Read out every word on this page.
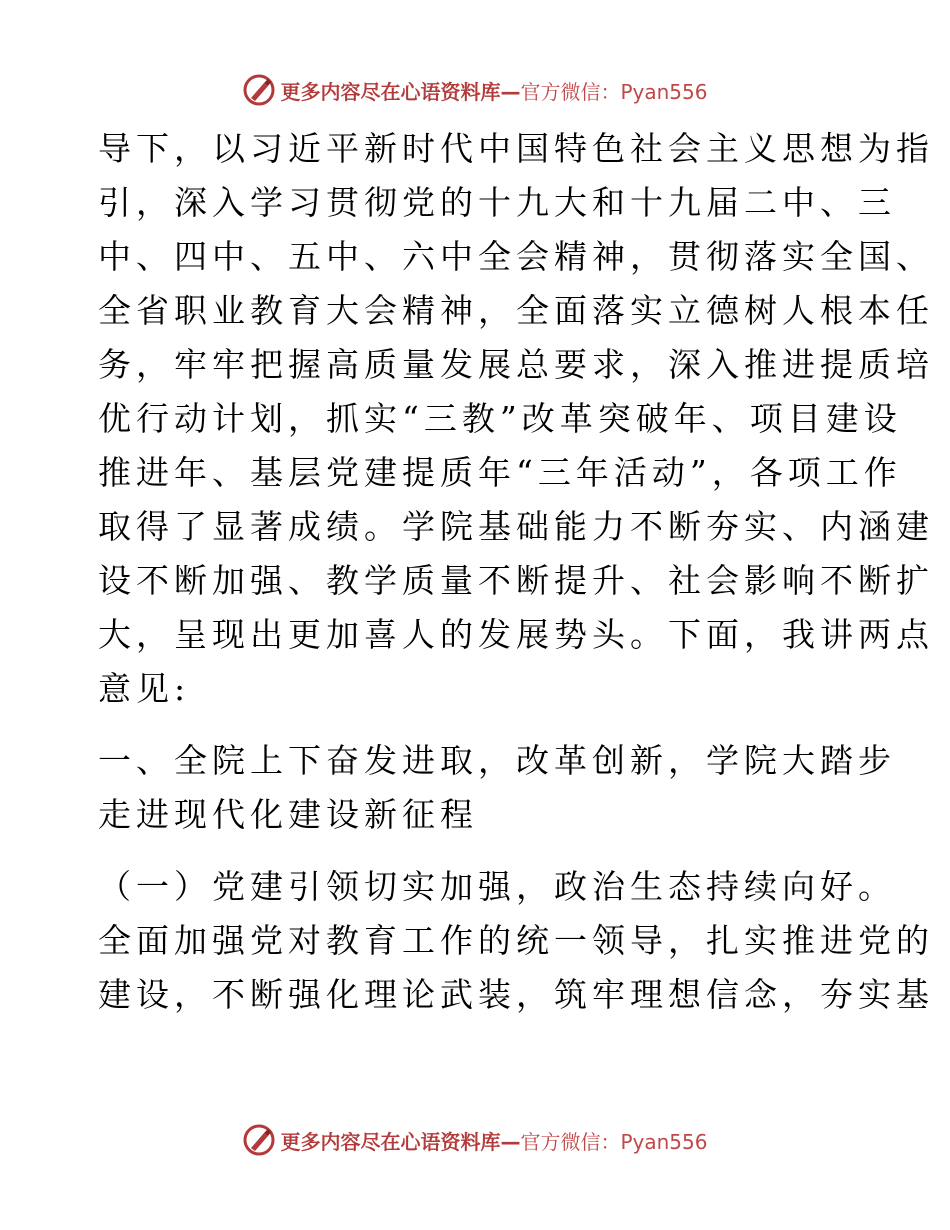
更多内容尽在心语资料库—官方微信：Pyan556
导下，以习近平新时代中国特色社会主义思想为指
引，深入学习贯彻党的十九大和十九届二中、三
中、四中、五中、六中全会精神，贯彻落实全国、
全省职业教育大会精神，全面落实立德树人根本任
务，牢牢把握高质量发展总要求，深入推进提质培
优行动计划，抓实“三教”改革突破年、项目建设
推进年、基层党建提质年“三年活动”，各项工作
取得了显著成绩。学院基础能力不断夯实、内涵建
设不断加强、教学质量不断提升、社会影响不断扩
大，呈现出更加喜人的发展势头。下面，我讲两点
意见:
一、全院上下奋发进取，改革创新，学院大踏步
走进现代化建设新征程
（一）党建引领切实加强，政治生态持续向好。
全面加强党对教育工作的统一领导，扎实推进党的
建设，不断强化理论武装，筑牢理想信念，夯实基
更多内容尽在心语资料库—官方微信：Pyan556
